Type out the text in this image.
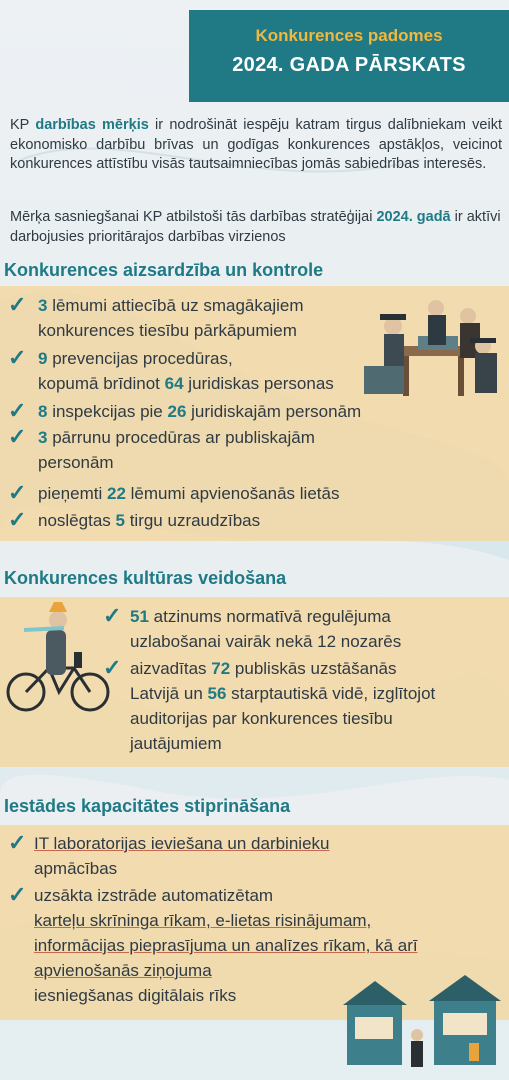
Konkurences padomes
2024. GADA PĀRSKATS
KP darbības mērķis ir nodrošināt iespēju katram tirgus dalībniekam veikt ekonomisko darbību brīvas un godīgas konkurences apstākļos, veicinot konkurences attīstību visās tautsaimniecības jomās sabiedrības interesēs.
Mērķa sasniegšanai KP atbilstoši tās darbības stratēģijai 2024. gadā ir aktīvi darbojusies prioritārajos darbības virzienos
Konkurences aizsardzība un kontrole
✓ 3 lēmumi attiecībā uz smagākajiem
konkurences tiesību pārkāpumiem
✓ 9 prevencijas procedūras,
kopumā brīdinot 64 juridiskas personas
✓ 8 inspekcijas pie 26 juridiskajām personām
✓ 3 pārrunu procedūras ar publiskajām
personām
✓ pieņemti 22 lēmumi apvienošanās lietās
✓ noslēgtas 5 tirgu uzraudzības
Konkurences kultūras veidošana
✓ 51 atzinums normatīvā regulējuma
uzlabošanai vairāk nekā 12 nozarēs
✓ aizvadītas 72 publiskās uzstāšanās
Latvijā un 56 starptautiskā vidē, izglītojot
auditorijas par konkurences tiesību
jautājumiem
Iestādes kapacitātes stiprināšana
✓ IT laboratorijas ieviešana un darbinieku
apmācības
✓ uzsākta izstrāde automatizētam
karteļu skrīninga rīkam, e-lietas risinājumam,
informācijas pieprasījuma un analīzes rīkam, kā arī
apvienošanās ziņojuma
iesniegšanas digitālais rīks
